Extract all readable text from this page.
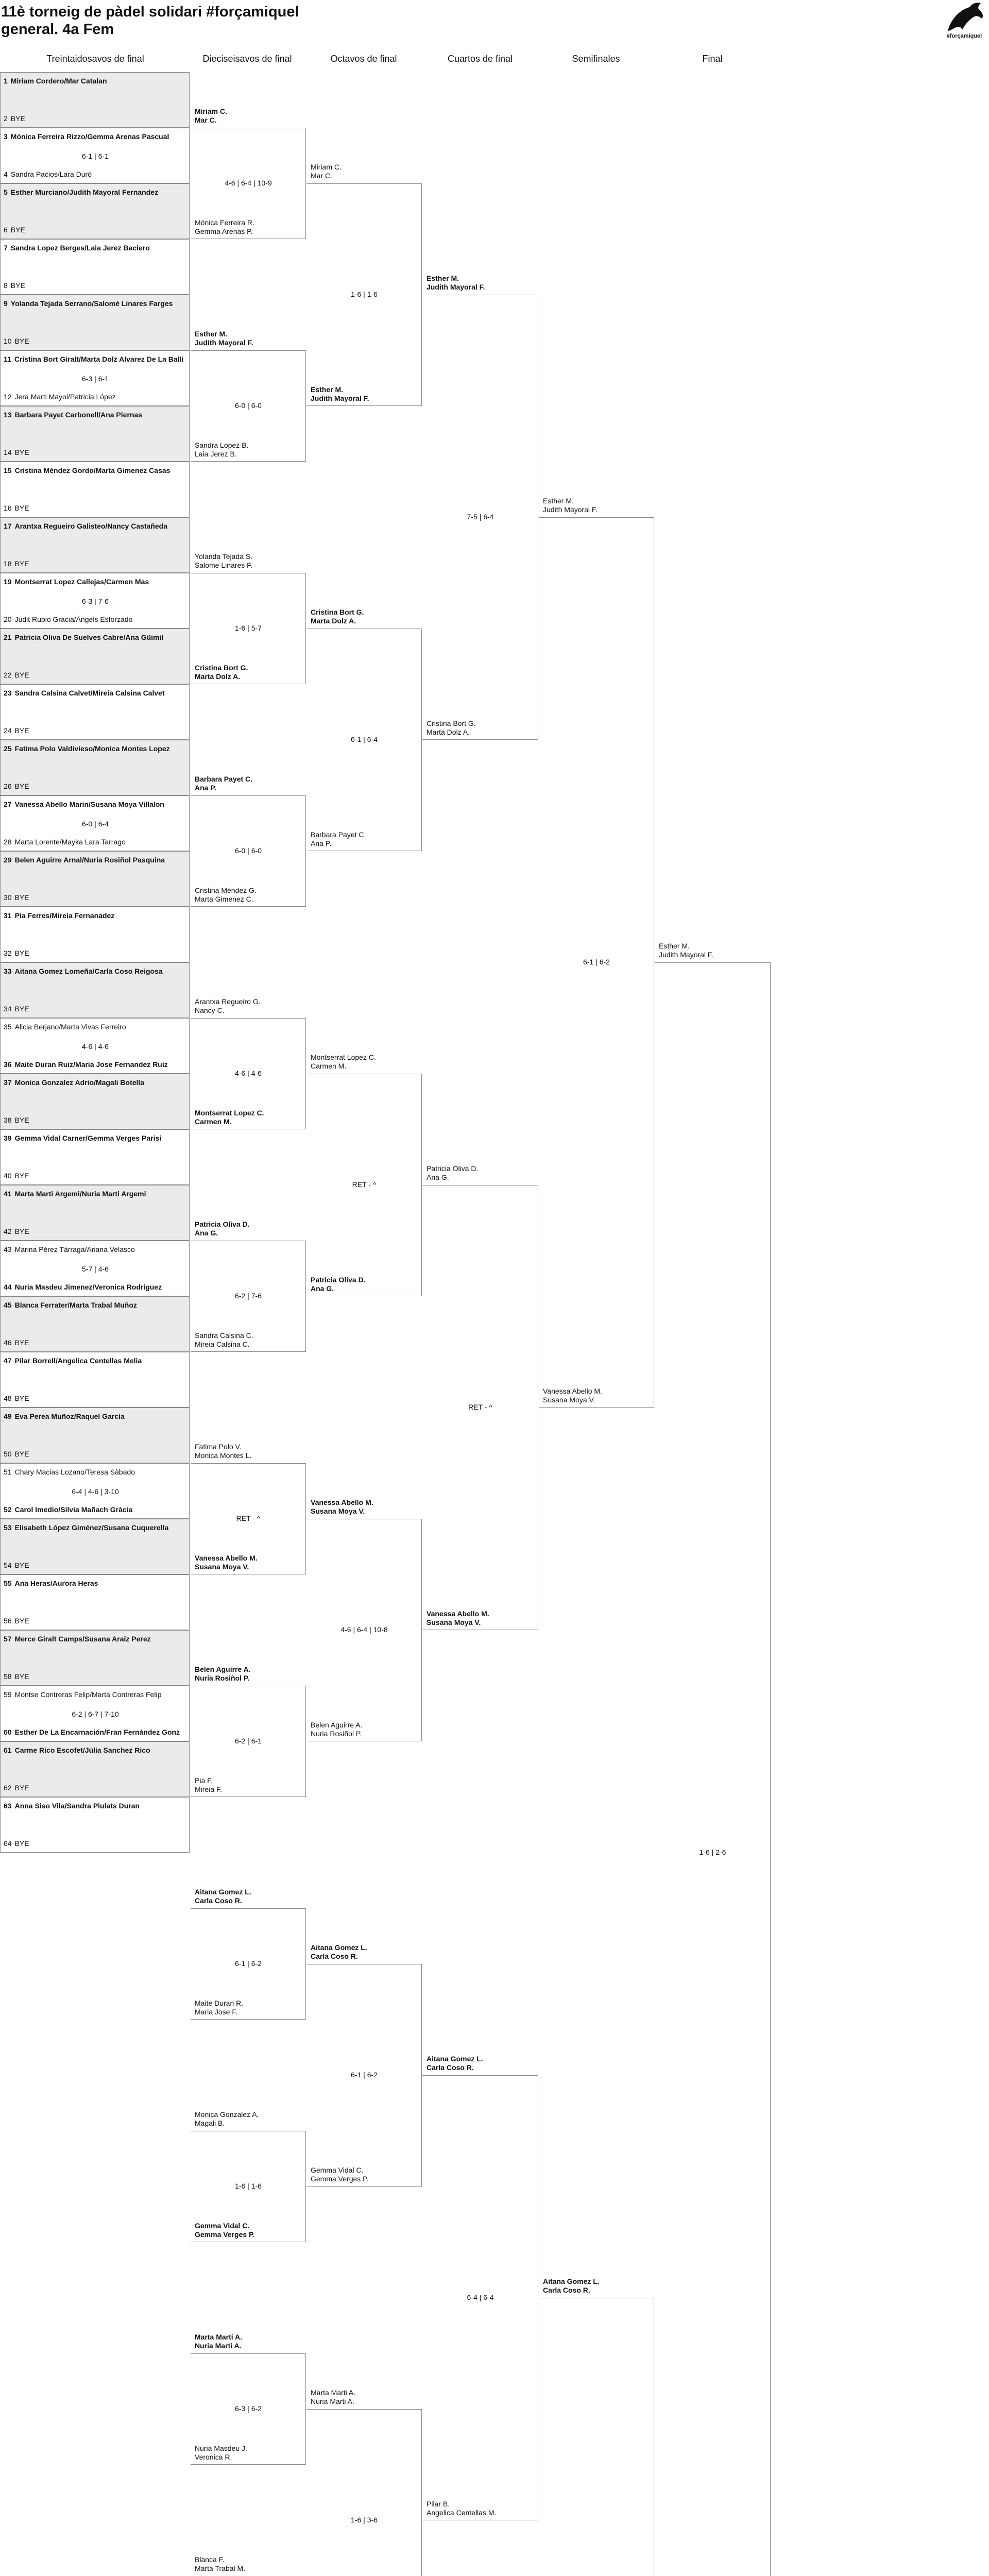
11è torneig de pàdel solidari #forçamiquel
general. 4a Fem	#forçamiquel
Treintaidosavos de final	Dieciseisavos de final	Octavos de final	Cuartos de final	Semifinales	Final
1 Miriam Cordero/Mar Catalan
2 BYE
3 Mónica Ferreira Rizzo/Gemma Arenas Pascual
4 Sandra Pacios/Lara Duró
6-1 | 6-1
5 Esther Murciano/Judith Mayoral Fernandez
6 BYE
7 Sandra Lopez Berges/Laia Jerez Baciero
8 BYE
9 Yolanda Tejada Serrano/Salomé Linares Farges
10 BYE
11 Cristina Bort Giralt/Marta Dolz Alvarez De La Balli
12 Jera Marti Mayol/Patricia López
6-3 | 6-1
13 Barbara Payet Carbonell/Ana Piernas
14 BYE
15 Cristina Méndez Gordo/Marta Gimenez Casas
16 BYE
17 Arantxa Regueiro Galisteo/Nancy Castañeda
18 BYE
19 Montserrat Lopez Callejas/Carmen Mas
20 Judit Rubio Gracia/Àngels Esforzado
6-3 | 7-6
21 Patricia Oliva De Suelves Cabre/Ana Güimil
22 BYE
23 Sandra Calsina Calvet/Mireia Calsina Calvet
24 BYE
25 Fatima Polo Valdivieso/Monica Montes Lopez
26 BYE
27 Vanessa Abello Marin/Susana Moya Villalon
28 Marta Lorente/Mayka Lara Tarrago
6-0 | 6-4
29 Belen Aguirre Arnal/Nuria Rosiñol Pasquina
30 BYE
31 Pia Ferres/Mireia Fernanadez
32 BYE
33 Aitana Gomez Lomeña/Carla Coso Reigosa
34 BYE
35 Alicia Berjano/Marta Vivas Ferreiro
36 Maite Duran Ruiz/Maria Jose Fernandez Ruiz
4-6 | 4-6
37 Monica Gonzalez Adrio/Magali Botella
38 BYE
39 Gemma Vidal Carner/Gemma Verges Parisi
40 BYE
41 Marta Marti Argemi/Nuria Marti Argemi
42 BYE
43 Marina Pérez Tàrraga/Ariana Velasco
44 Nuria Masdeu Jimenez/Veronica Rodriguez
5-7 | 4-6
45 Blanca Ferrater/Marta Trabal Muñoz
46 BYE
47 Pilar Borrell/Angelica Centellas Melia
48 BYE
49 Eva Perea Muñoz/Raquel García
50 BYE
51 Chary Macias Lozano/Teresa Sàbado
52 Carol Imedio/Silvia Mañach Gràcia
6-4 | 4-6 | 3-10
53 Elisabeth López Giménez/Susana Cuquerella
54 BYE
55 Ana Heras/Aurora Heras
56 BYE
57 Merce Giralt Camps/Susana Araiz Perez
58 BYE
59 Montse Contreras Felip/Marta Contreras Felip
60 Esther De La Encarnación/Fran Fernández Gonz
6-2 | 6-7 | 7-10
61 Carme Rico Escofet/Júlia Sanchez Rico
62 BYE
63 Anna Siso Vila/Sandra Piulats Duran
64 BYE
Miriam C.
Mar C.
Mónica Ferreira R.
Gemma Arenas P.
4-6 | 6-4 | 10-9
Esther M.
Judith Mayoral F.
Sandra Lopez B.
Laia Jerez B.
6-0 | 6-0
Yolanda Tejada S.
Salome Linares F.
Cristina Bort G.
Marta Dolz A.
1-6 | 5-7
Barbara Payet C.
Ana P.
Cristina Méndez G.
Marta Gimenez C.
6-0 | 6-0
Arantxa Regueiro G.
Nancy C.
Montserrat Lopez C.
Carmen M.
4-6 | 4-6
Patricia Oliva D.
Ana G.
Sandra Calsina C.
Mireia Calsina C.
6-2 | 7-6
Fatima Polo V.
Monica Montes L.
Vanessa Abello M.
Susana Moya V.
RET - ^
Belen Aguirre A.
Nuria Rosiñol P.
Pia F.
Mireia F.
6-2 | 6-1
Aitana Gomez L.
Carla Coso R.
Maite Duran R.
Maria Jose F.
6-1 | 6-2
Monica Gonzalez A.
Magali B.
Gemma Vidal C.
Gemma Verges P.
1-6 | 1-6
Marta Marti A.
Nuria Marti A.
Nuria Masdeu J.
Veronica R.
6-3 | 6-2
Blanca F.
Marta Trabal M.
Miriam C.
Mar C.
Esther M.
Judith Mayoral F.
1-6 | 1-6
Cristina Bort G.
Marta Dolz A.
Barbara Payet C.
Ana P.
6-1 | 6-4
Montserrat Lopez C.
Carmen M.
Patricia Oliva D.
Ana G.
RET - ^
Vanessa Abello M.
Susana Moya V.
Belen Aguirre A.
Nuria Rosiñol P.
4-6 | 6-4 | 10-8
Aitana Gomez L.
Carla Coso R.
Gemma Vidal C.
Gemma Verges P.
6-1 | 6-2
Marta Marti A.
Nuria Marti A.
1-6 | 3-6
Esther M.
Judith Mayoral F.
Cristina Bort G.
Marta Dolz A.
7-5 | 6-4
Patricia Oliva D.
Ana G.
Vanessa Abello M.
Susana Moya V.
RET - ^
Aitana Gomez L.
Carla Coso R.
Pilar B.
Angelica Centellas M.
6-4 | 6-4
Esther M.
Judith Mayoral F.
Vanessa Abello M.
Susana Moya V.
6-1 | 6-2
Aitana Gomez L.
Carla Coso R.
Esther M.
Judith Mayoral F.
1-6 | 2-6
